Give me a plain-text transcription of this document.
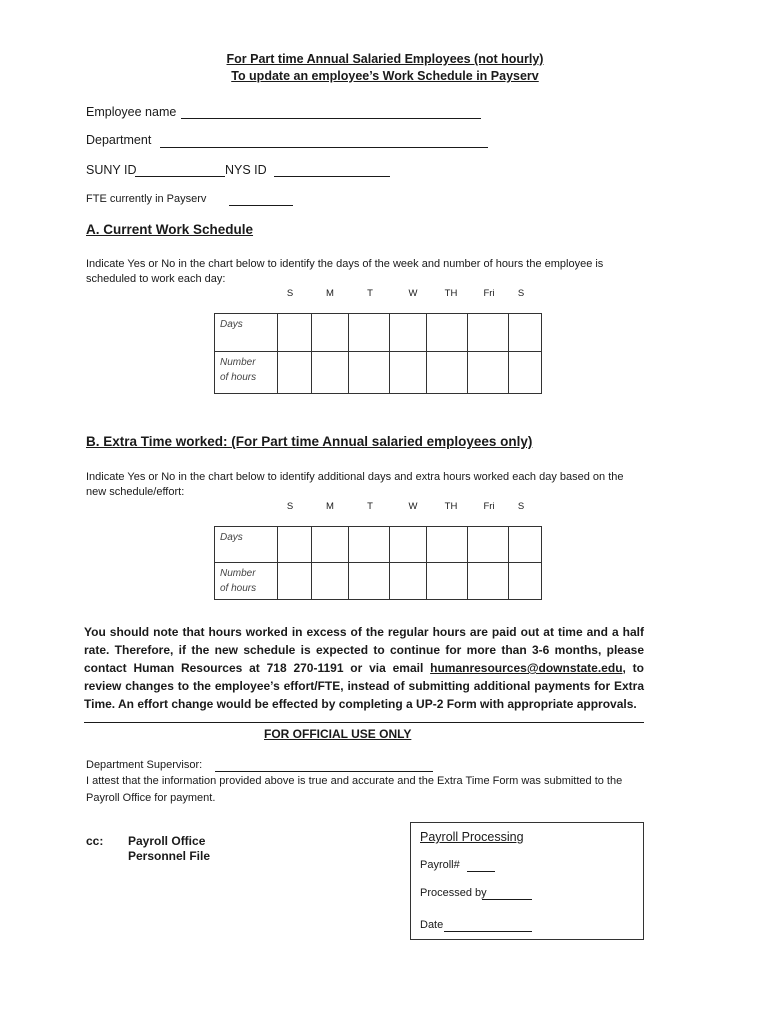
For Part time Annual Salaried Employees (not hourly)
To update an employee’s Work Schedule in Payserv
Employee name
Department
SUNY ID	NYS ID
FTE currently in Payserv
A. Current Work Schedule
Indicate Yes or No in the chart below to identify the days of the week and number of hours the employee is
scheduled to work each day:
S	M	T	W	TH	Fri	S
Days							
Number
of hours							
B. Extra Time worked: (For Part time Annual salaried employees only)
Indicate Yes or No in the chart below to identify additional days and extra hours worked each day based on the
new schedule/effort:
S	M	T	W	TH	Fri	S
Days							
Number
of hours							
You should note that hours worked in excess of the regular hours are paid out at time and a half rate. Therefore, if the new schedule is expected to continue for more than 3-6 months, please contact Human Resources at 718 270-1191 or via email humanresources@downstate.edu, to review changes to the employee’s effort/FTE, instead of submitting additional payments for Extra Time. An effort change would be effected by completing a UP-2 Form with appropriate approvals.
FOR OFFICIAL USE ONLY
Department Supervisor:
I attest that the information provided above is true and accurate and the Extra Time Form was submitted to the
Payroll Office for payment.
cc: Payroll Office
Personnel File
Payroll Processing
Payroll#
Processed by
Date
